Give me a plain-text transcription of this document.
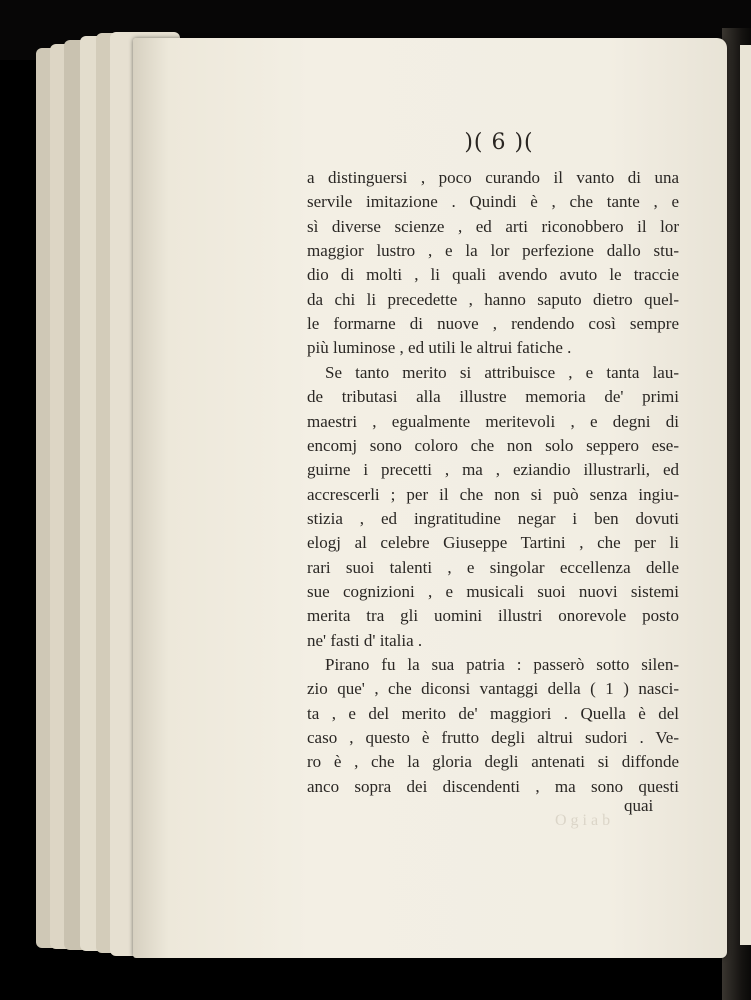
)( 6 )(
a distinguersi , poco curando il vanto di una
servile imitazione . Quindi è , che tante , e
sì diverse scienze , ed arti riconobbero il lor
maggior lustro , e la lor perfezione dallo stu-
dio di molti , li quali avendo avuto le traccie
da chi li precedette , hanno saputo dietro quel-
le formarne di nuove , rendendo così sempre
più luminose , ed utili le altrui fatiche .
Se tanto merito si attribuisce , e tanta lau-
de tributasi alla illustre memoria de' primi
maestri , egualmente meritevoli , e degni di
encomj sono coloro che non solo seppero ese-
guirne i precetti , ma , eziandio illustrarli, ed
accrescerli ; per il che non si può senza ingiu-
stizia , ed ingratitudine negar i ben dovuti
elogj al celebre Giuseppe Tartini , che per li
rari suoi talenti , e singolar eccellenza delle
sue cognizioni , e musicali suoi nuovi sistemi
merita tra gli uomini illustri onorevole posto
ne' fasti d' italia .
Pirano fu la sua patria : passerò sotto silen-
zio que' , che diconsi vantaggi della ( 1 ) nasci-
ta , e del merito de' maggiori . Quella è del
caso , questo è frutto degli altrui sudori . Ve-
ro è , che la gloria degli antenati si diffonde
anco sopra dei discendenti , ma sono questi
O g i a b
quai
